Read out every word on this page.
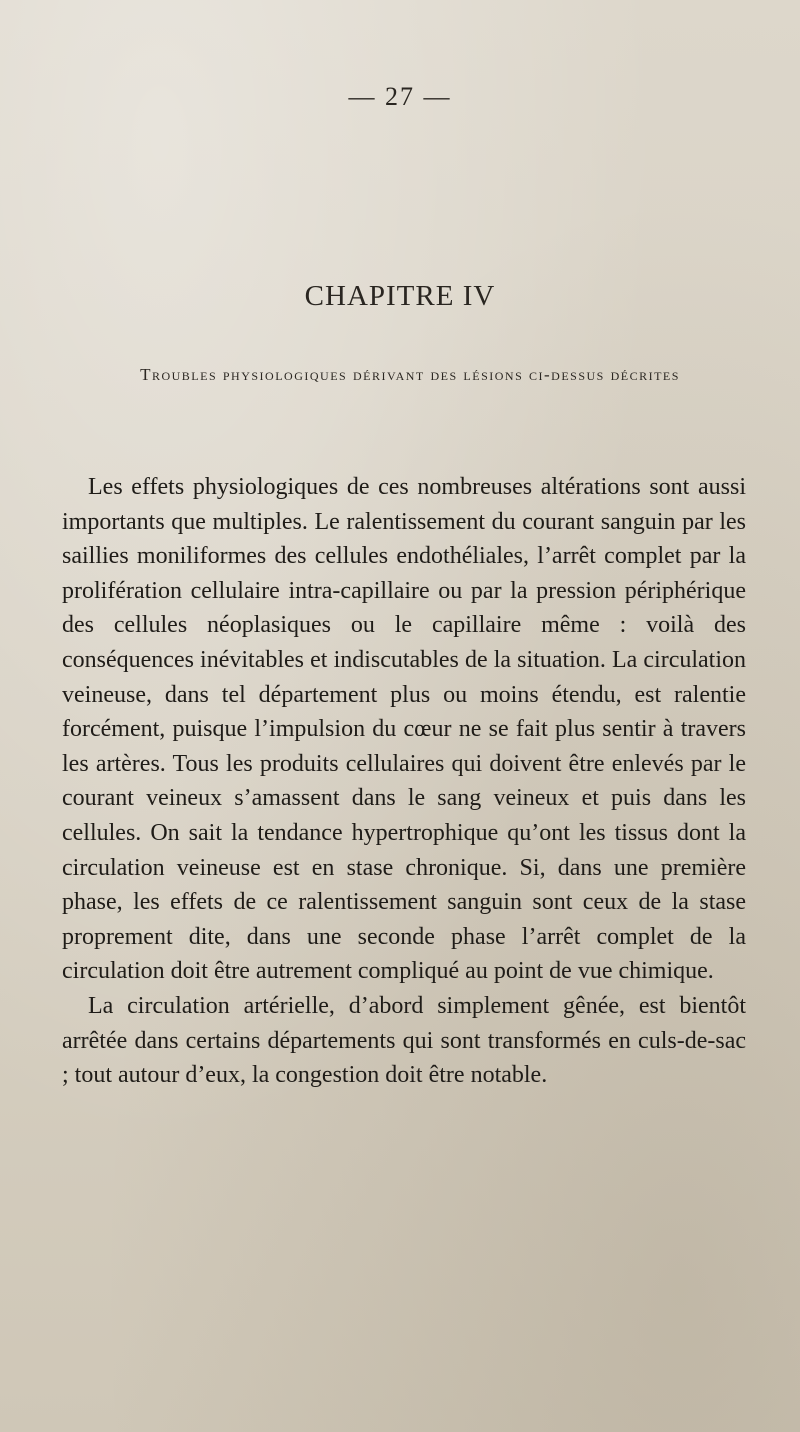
— 27 —
CHAPITRE IV
Troubles physiologiques dérivant des lésions ci-dessus décrites

Les effets physiologiques de ces nombreuses altérations sont aussi importants que multiples. Le ralentissement du courant sanguin par les saillies moniliformes des cellules endothéliales, l’arrêt complet par la prolifération cellulaire intra-capillaire ou par la pression périphérique des cellules néoplasiques ou le capillaire même : voilà des conséquences inévitables et indiscutables de la situation. La circulation veineuse, dans tel département plus ou moins étendu, est ralentie forcément, puisque l’impulsion du cœur ne se fait plus sentir à travers les artères. Tous les produits cellulaires qui doivent être enlevés par le courant veineux s’amassent dans le sang veineux et puis dans les cellules. On sait la tendance hypertrophique qu’ont les tissus dont la circulation veineuse est en stase chronique. Si, dans une première phase, les effets de ce ralentissement sanguin sont ceux de la stase proprement dite, dans une seconde phase l’arrêt complet de la circulation doit être autrement compliqué au point de vue chimique.

La circulation artérielle, d’abord simplement gênée, est bientôt arrêtée dans certains départements qui sont transformés en culs-de-sac ; tout autour d’eux, la congestion doit être notable.
